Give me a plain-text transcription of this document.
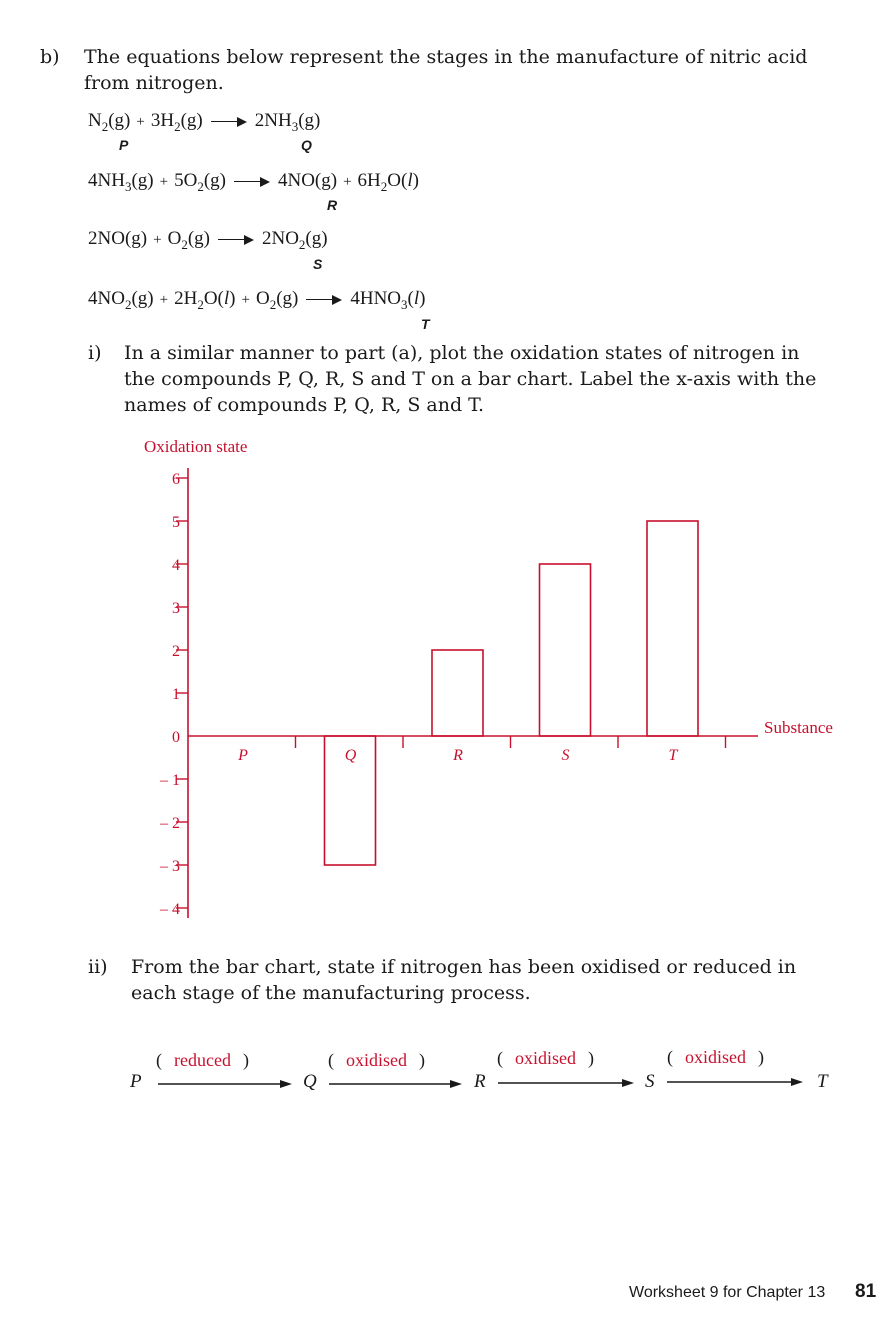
b) The equations below represent the stages in the manufacture of nitric acid from nitrogen.
$N_2(g) + 3H_2(g)$	$2NH_3(g)$
P	Q
$4NH_3(g) + 5O_2(g)$	$4NO(g) + 6H_2O(l)$
R
$2NO(g) + O_2(g)$	$2NO_2(g)$
S
$4NO_2(g) + 2H_2O(l) + O_2(g)$	$4HNO_3(l)$
T
i) In a similar manner to part (a), plot the oxidation states of nitrogen in the compounds P, Q, R, S and T on a bar chart. Label the x-axis with the names of compounds P, Q, R, S and T.
6
5
4
3
2
1
0
– 1
– 2
– 3
– 4
Oxidation state
Substance
P	Q	R	S	T
ii) From the bar chart, state if nitrogen has been oxidised or reduced in each stage of the manufacturing process.
( reduced )	( oxidised )	( oxidised )	( oxidised )
P	Q	R	S	T
Worksheet 9 for Chapter 13 81
